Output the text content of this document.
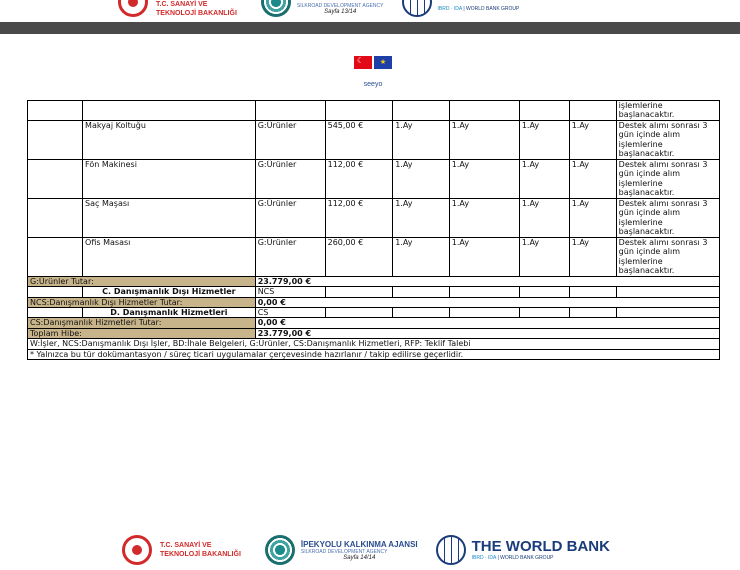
T.C. SANAYİ VE
TEKNOLOJİ BAKANLIĞI
SILKROAD DEVELOPMENT AGENCY
Sayfa 13/14	IBRD · IDA | WORLD BANK GROUP
☾
★
seeyo
								işlemlerine başlanacaktır.
	Makyaj Koltuğu	G:Ürünler	545,00 €	1.Ay	1.Ay	1.Ay	1.Ay	Destek alımı sonrası 3 gün içinde alım işlemlerine başlanacaktır.
	Fön Makinesi	G:Ürünler	112,00 €	1.Ay	1.Ay	1.Ay	1.Ay	Destek alımı sonrası 3 gün içinde alım işlemlerine başlanacaktır.
	Saç Maşası	G:Ürünler	112,00 €	1.Ay	1.Ay	1.Ay	1.Ay	Destek alımı sonrası 3 gün içinde alım işlemlerine başlanacaktır.
	Ofis Masası	G:Ürünler	260,00 €	1.Ay	1.Ay	1.Ay	1.Ay	Destek alımı sonrası 3 gün içinde alım işlemlerine başlanacaktır.
G:Ürünler Tutar:		23.779,00 €						
	C. Danışmanlık Dışı Hizmetler	NCS						
NCS:Danışmanlık Dışı Hizmetler Tutar:		0,00 €						
	D. Danışmanlık Hizmetleri	CS						
CS:Danışmanlık Hizmetleri Tutar:		0,00 €						
Toplam Hibe:		23.779,00 €						
W:İşler, NCS:Danışmanlık Dışı İşler, BD:İhale Belgeleri, G:Ürünler, CS:Danışmanlık Hizmetleri, RFP: Teklif Talebi								
* Yalnızca bu tür dokümantasyon / süreç ticari uygulamalar çerçevesinde hazırlanır / takip edilirse geçerlidir.								
T.C. SANAYİ VE
TEKNOLOJİ BAKANLIĞI
İPEKYOLU KALKINMA AJANSI
SILKROAD DEVELOPMENT AGENCY
Sayfa 14/14
THE WORLD BANK
IBRD · IDA | WORLD BANK GROUP
